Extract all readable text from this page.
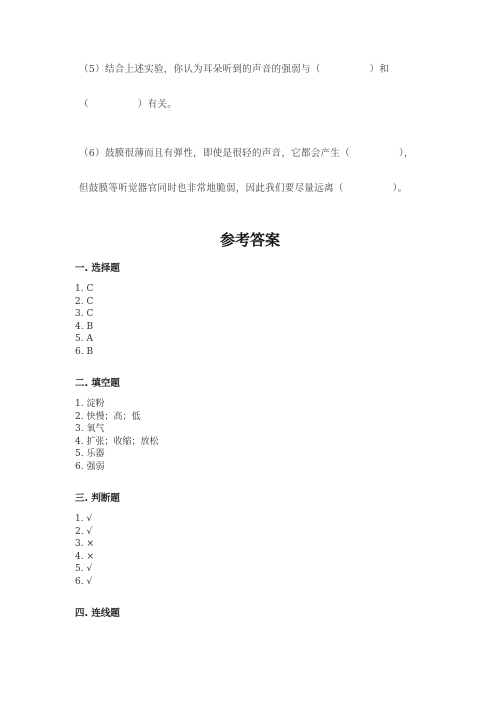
（5）结合上述实验，你认为耳朵听到的声音的强弱与（　　　　　）和
（　　　　　）有关。
（6）鼓膜很薄而且有弹性，即使是很轻的声音，它都会产生（　　　　　），
但鼓膜等听觉器官同时也非常地脆弱，因此我们要尽量远离（　　　　　）。
参考答案
一. 选择题
1. C
2. C
3. C
4. B
5. A
6. B
二. 填空题
1. 淀粉
2. 快慢；高；低
3. 氧气
4. 扩张；收缩；放松
5. 乐器
6. 强弱
三. 判断题
1. √
2. √
3. ×
4. ×
5. √
6. √
四. 连线题
